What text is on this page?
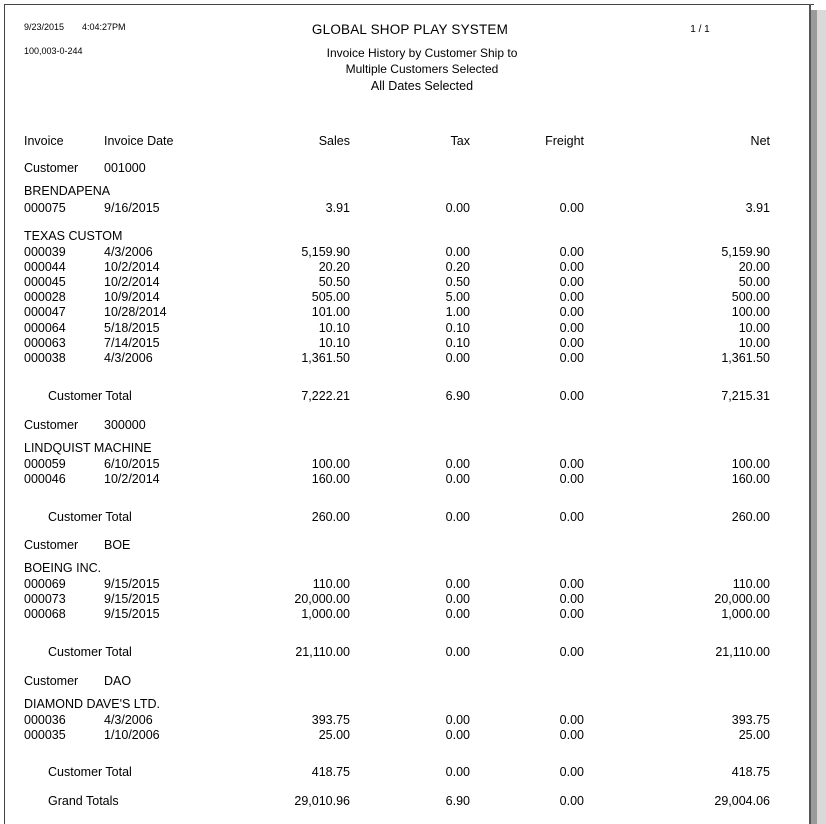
9/23/2015 4:04:27PM
100,003-0-244
GLOBAL SHOP PLAY SYSTEM	1 / 1
Invoice History by Customer Ship to
Multiple Customers Selected
All Dates Selected
Invoice	Invoice Date	Sales	Tax	Freight	Net
Customer 001000
BRENDAPENA
000075	9/16/2015	3.91	0.00	0.00	3.91
TEXAS CUSTOM
000039	4/3/2006	5,159.90	0.00	0.00	5,159.90
000044	10/2/2014	20.20	0.20	0.00	20.00
000045	10/2/2014	50.50	0.50	0.00	50.00
000028	10/9/2014	505.00	5.00	0.00	500.00
000047	10/28/2014	101.00	1.00	0.00	100.00
000064	5/18/2015	10.10	0.10	0.00	10.00
000063	7/14/2015	10.10	0.10	0.00	10.00
000038	4/3/2006	1,361.50	0.00	0.00	1,361.50
Customer Total	7,222.21	6.90	0.00	7,215.31
Customer 300000
LINDQUIST MACHINE
000059	6/10/2015	100.00	0.00	0.00	100.00
000046	10/2/2014	160.00	0.00	0.00	160.00
Customer Total	260.00	0.00	0.00	260.00
Customer BOE
BOEING INC.
000069	9/15/2015	110.00	0.00	0.00	110.00
000073	9/15/2015	20,000.00	0.00	0.00	20,000.00
000068	9/15/2015	1,000.00	0.00	0.00	1,000.00
Customer Total	21,110.00	0.00	0.00	21,110.00
Customer DAO
DIAMOND DAVE'S LTD.
000036	4/3/2006	393.75	0.00	0.00	393.75
000035	1/10/2006	25.00	0.00	0.00	25.00
Customer Total	418.75	0.00	0.00	418.75
Grand Totals	29,010.96	6.90	0.00	29,004.06
